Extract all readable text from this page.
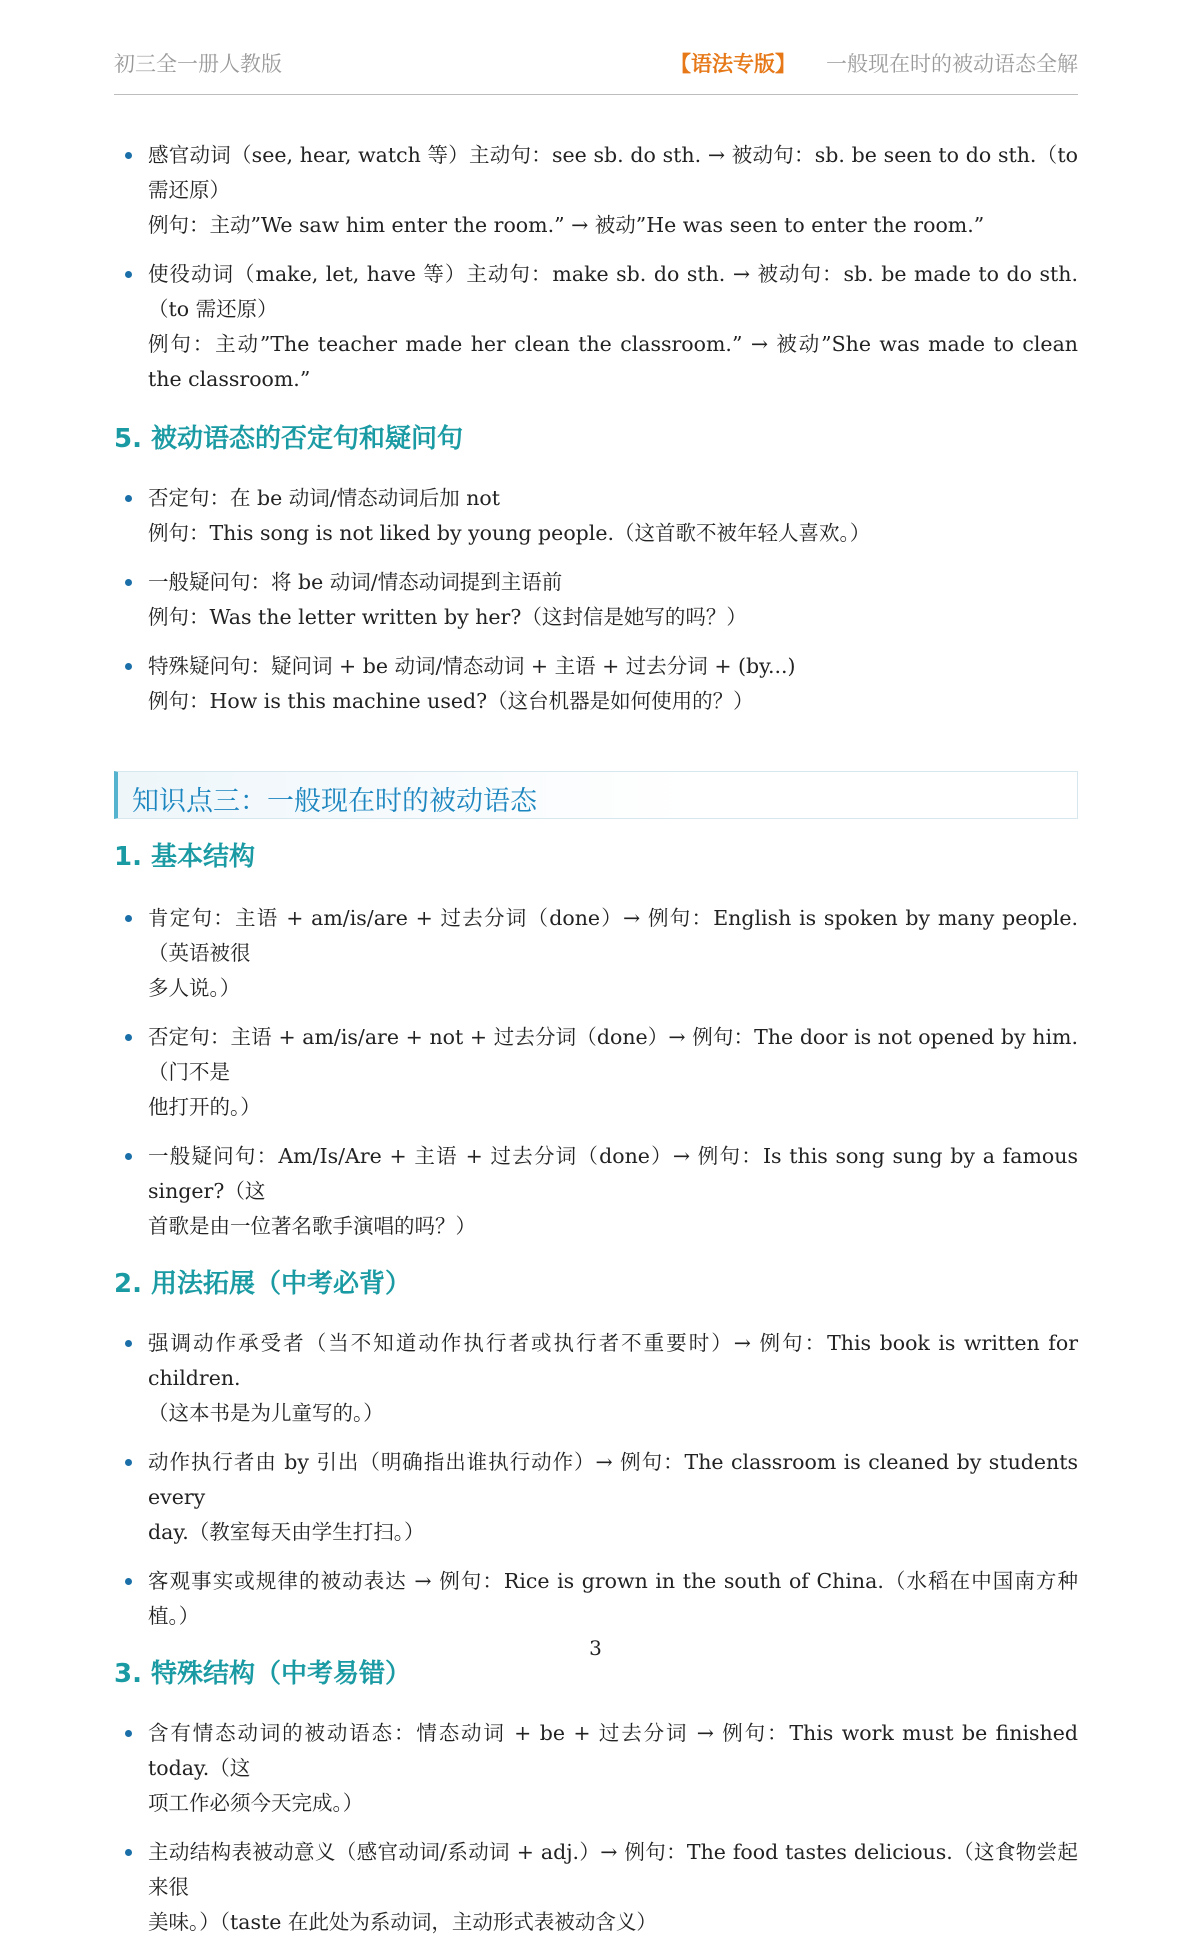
初三全一册人教版	【语法专版】 一般现在时的被动语态全解
感官动词（see, hear, watch 等）主动句：see sb. do sth. → 被动句：sb. be seen to do sth.（to 需还原）
例句：主动”We saw him enter the room.” → 被动”He was seen to enter the room.”
使役动词（make, let, have 等）主动句：make sb. do sth. → 被动句：sb. be made to do sth.（to 需还原）
例句：主动”The teacher made her clean the classroom.” → 被动”She was made to clean the classroom.”
5. 被动语态的否定句和疑问句
否定句：在 be 动词/情态动词后加 not
例句：This song is not liked by young people.（这首歌不被年轻人喜欢。）
一般疑问句：将 be 动词/情态动词提到主语前
例句：Was the letter written by her?（这封信是她写的吗？）
特殊疑问句：疑问词 + be 动词/情态动词 + 主语 + 过去分词 + (by...)
例句：How is this machine used?（这台机器是如何使用的？）
知识点三：一般现在时的被动语态
1. 基本结构
肯定句：主语 + am/is/are + 过去分词（done）→ 例句：English is spoken by many people.（英语被很
多人说。）
否定句：主语 + am/is/are + not + 过去分词（done）→ 例句：The door is not opened by him.（门不是
他打开的。）
一般疑问句：Am/Is/Are + 主语 + 过去分词（done）→ 例句：Is this song sung by a famous singer?（这
首歌是由一位著名歌手演唱的吗？）
2. 用法拓展（中考必背）
强调动作承受者（当不知道动作执行者或执行者不重要时）→ 例句：This book is written for children.
（这本书是为儿童写的。）
动作执行者由 by 引出（明确指出谁执行动作）→ 例句：The classroom is cleaned by students every
day.（教室每天由学生打扫。）
客观事实或规律的被动表达 → 例句：Rice is grown in the south of China.（水稻在中国南方种植。）
3. 特殊结构（中考易错）
含有情态动词的被动语态：情态动词 + be + 过去分词 → 例句：This work must be finished today.（这
项工作必须今天完成。）
主动结构表被动意义（感官动词/系动词 + adj.）→ 例句：The food tastes delicious.（这食物尝起来很
美味。）（taste 在此处为系动词，主动形式表被动含义）
3
